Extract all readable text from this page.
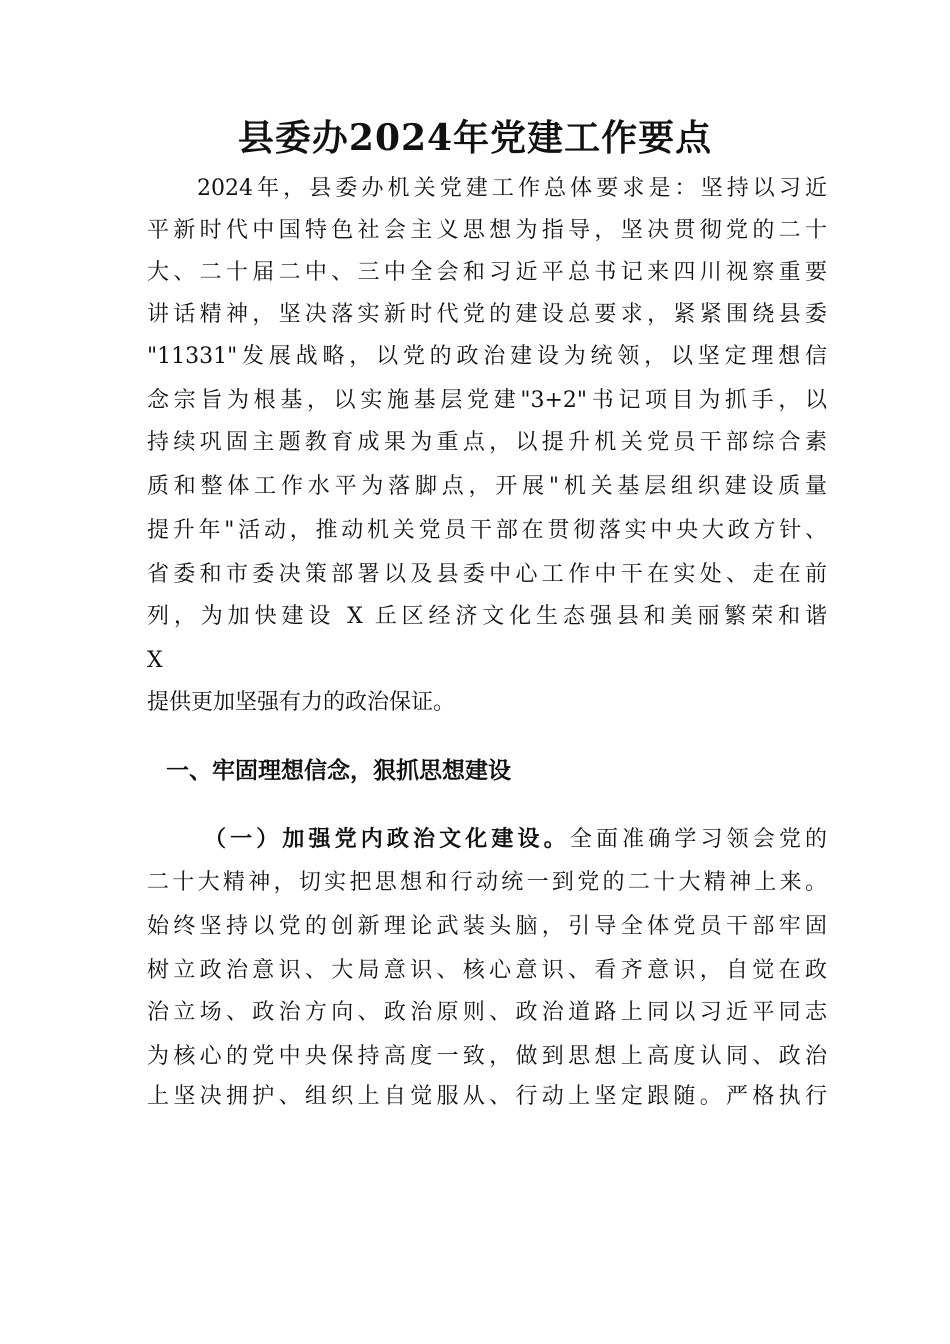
县委办2024年党建工作要点

2024年，县委办机关党建工作总体要求是：坚持以习近

平新时代中国特色社会主义思想为指导，坚决贯彻党的二十

大、二十届二中、三中全会和习近平总书记来四川视察重要

讲话精神，坚决落实新时代党的建设总要求，紧紧围绕县委

"11331"发展战略，以党的政治建设为统领，以坚定理想信

念宗旨为根基，以实施基层党建"3+2"书记项目为抓手，以

持续巩固主题教育成果为重点，以提升机关党员干部综合素

质和整体工作水平为落脚点，开展"机关基层组织建设质量

提升年"活动，推动机关党员干部在贯彻落实中央大政方针、

省委和市委决策部署以及县委中心工作中干在实处、走在前

列，为加快建设 X 丘区经济文化生态强县和美丽繁荣和谐

X

提供更加坚强有力的政治保证。

一、牢固理想信念，狠抓思想建设

（一）加强党内政治文化建设。全面准确学习领会党的

二十大精神，切实把思想和行动统一到党的二十大精神上来。

始终坚持以党的创新理论武装头脑，引导全体党员干部牢固

树立政治意识、大局意识、核心意识、看齐意识，自觉在政

治立场、政治方向、政治原则、政治道路上同以习近平同志

为核心的党中央保持高度一致，做到思想上高度认同、政治

上坚决拥护、组织上自觉服从、行动上坚定跟随。严格执行
